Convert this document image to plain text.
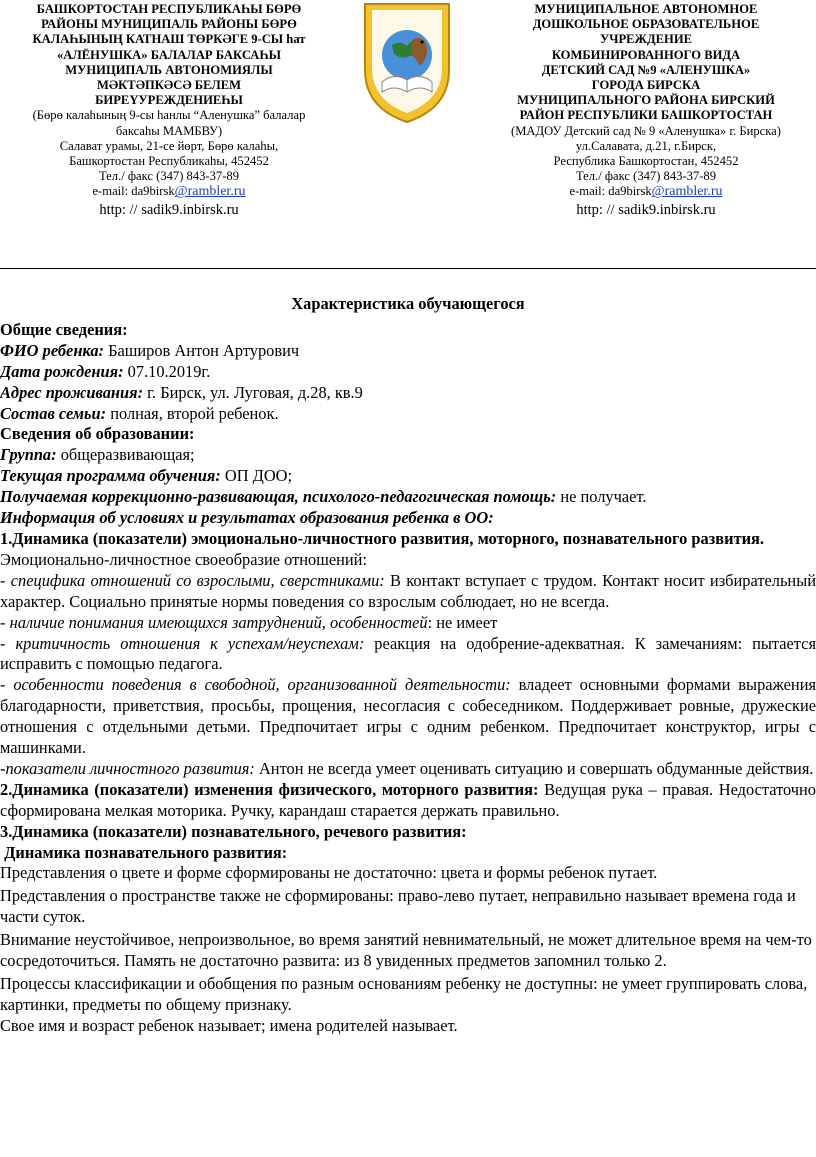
БАШКОРТОСТАН РЕСПУБЛИКАҺЫ БӨРӨ
РАЙОНЫ МУНИЦИПАЛЬ РАЙОНЫ БӨРӨ
КАЛАҺЫНЫҢ КАТНАШ ТӨРКӘГЕ 9-СЫ hат
«АЛЁНУШКА» БАЛАЛАР БАКСАҺЫ
МУНИЦИПАЛЬ АВТОНОМИЯЛЫ
МӘКТӘПКӘСӘ БЕЛЕМ
БИРЕҮУРЕЖДЕНИЕҺЫ
(Бөрө калаһының 9-сы һанлы “Аленушка” балалар
баксаһы МАМБВУ)
Салават урамы, 21-се йөрт, Бөрө калаһы,
Башкортостан Республикаһы, 452452
Тел./ факс (347) 843-37-89
e-mail: da9birsk@rambler.ru
http: // sadik9.inbirsk.ru
МУНИЦИПАЛЬНОЕ АВТОНОМНОЕ
ДОШКОЛЬНОЕ ОБРАЗОВАТЕЛЬНОЕ
УЧРЕЖДЕНИЕ
КОМБИНИРОВАННОГО ВИДА
ДЕТСКИЙ САД №9 «АЛЕНУШКА»
ГОРОДА БИРСКА
МУНИЦИПАЛЬНОГО РАЙОНА БИРСКИЙ
РАЙОН РЕСПУБЛИКИ БАШКОРТОСТАН
(МАДОУ Детский сад № 9 «Аленушка» г. Бирска)
ул.Салавата, д.21, г.Бирск,
Республика Башкортостан, 452452
Тел./ факс (347) 843-37-89
e-mail: da9birsk@rambler.ru
http: // sadik9.inbirsk.ru

Характеристика обучающегося

Общие сведения:

ФИО ребенка: Баширов Антон Артурович

Дата рождения: 07.10.2019г.

Адрес проживания: г. Бирск, ул. Луговая, д.28, кв.9

Состав семьи: полная, второй ребенок.

Сведения об образовании:

Группа: общеразвивающая;

Текущая программа обучения: ОП ДОО;

Получаемая коррекционно-развивающая, психолого-педагогическая помощь: не получает.

Информация об условиях и результатах образования ребенка в ОО:

1.Динамика (показатели) эмоционально-личностного развития, моторного, познавательного развития.

Эмоционально-личностное своеобразие отношений:

- специфика отношений со взрослыми, сверстниками: В контакт вступает с трудом. Контакт носит избирательный характер. Социально принятые нормы поведения со взрослым соблюдает, но не всегда.

- наличие понимания имеющихся затруднений, особенностей: не имеет

- критичность отношения к успехам/неуспехам: реакция на одобрение-адекватная. К замечаниям: пытается исправить с помощью педагога.

- особенности поведения в свободной, организованной деятельности: владеет основными формами выражения благодарности, приветствия, просьбы, прощения, несогласия с собеседником. Поддерживает ровные, дружеские отношения с отдельными детьми. Предпочитает игры с одним ребенком. Предпочитает конструктор, игры с машинками.

-показатели личностного развития: Антон не всегда умеет оценивать ситуацию и совершать обдуманные действия.

2.Динамика (показатели) изменения физического, моторного развития: Ведущая рука – правая. Недостаточно сформирована мелкая моторика. Ручку, карандаш старается держать правильно.

3.Динамика (показатели) познавательного, речевого развития:

Динамика познавательного развития:

Представления о цвете и форме сформированы не достаточно: цвета и формы ребенок путает.

Представления о пространстве также не сформированы: право-лево путает, неправильно называет времена года и части суток.

Внимание неустойчивое, непроизвольное, во время занятий невнимательный, не может длительное время на чем-то сосредоточиться. Память не достаточно развита: из 8 увиденных предметов запомнил только 2.

Процессы классификации и обобщения по разным основаниям ребенку не доступны: не умеет группировать слова, картинки, предметы по общему признаку.

Свое имя и возраст ребенок называет; имена родителей называет.
